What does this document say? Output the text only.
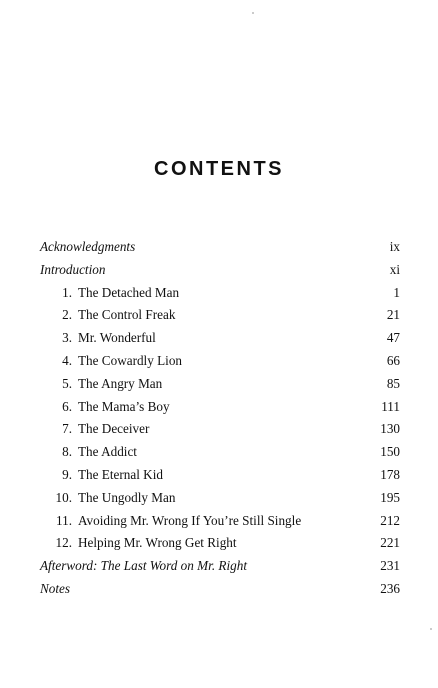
CONTENTS
Acknowledgments	ix
Introduction	xi
1. The Detached Man	1
2. The Control Freak	21
3. Mr. Wonderful	47
4. The Cowardly Lion	66
5. The Angry Man	85
6. The Mama’s Boy	111
7. The Deceiver	130
8. The Addict	150
9. The Eternal Kid	178
10. The Ungodly Man	195
11. Avoiding Mr. Wrong If You’re Still Single	212
12. Helping Mr. Wrong Get Right	221
Afterword: The Last Word on Mr. Right	231
Notes	236
